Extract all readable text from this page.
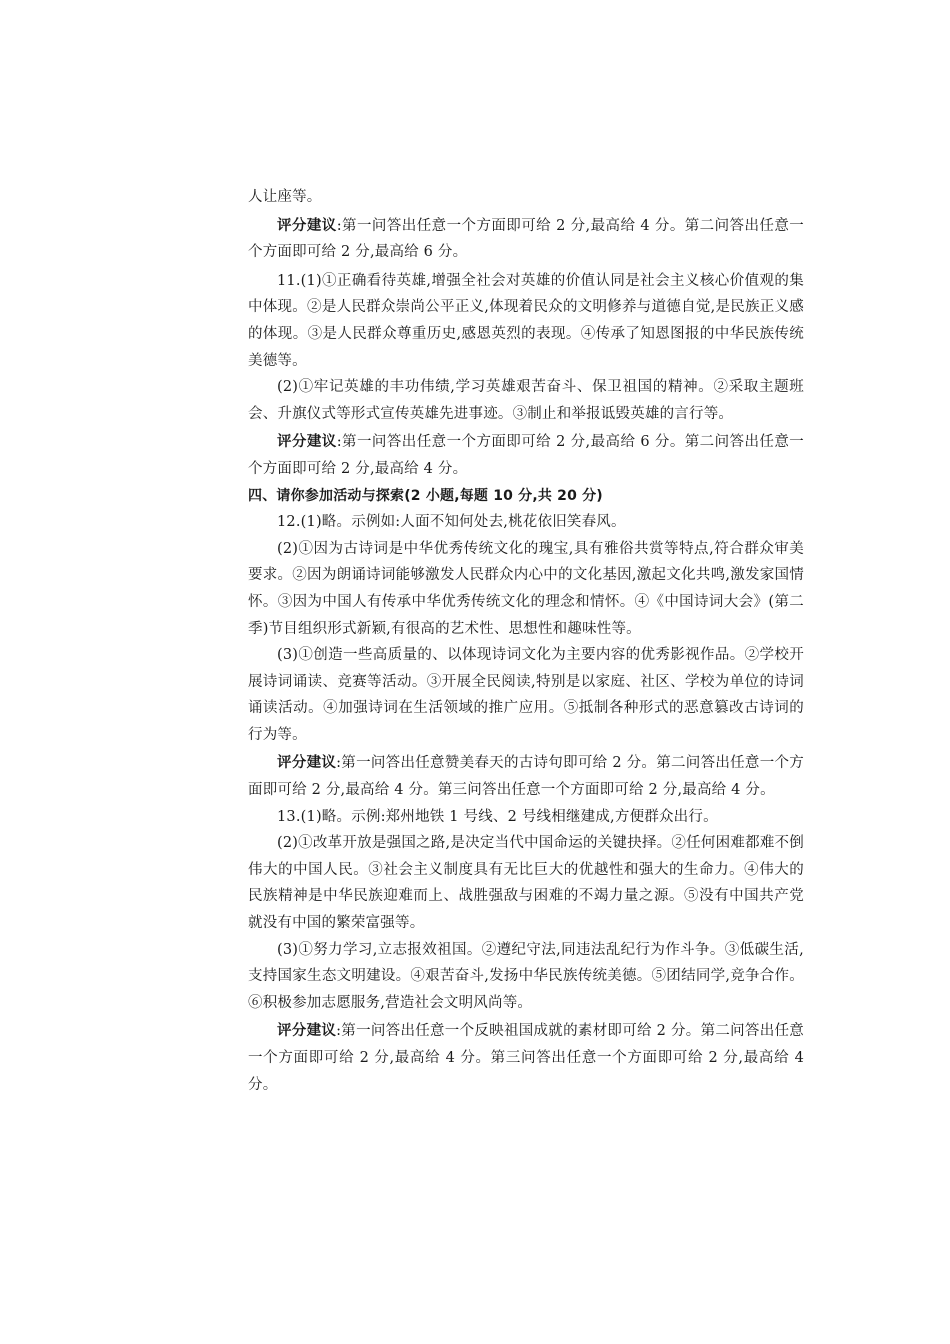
人让座等。

评分建议:第一问答出任意一个方面即可给 2 分,最高给 4 分。第二问答出任意一个方面即可给 2 分,最高给 6 分。

11.(1)①正确看待英雄,增强全社会对英雄的价值认同是社会主义核心价值观的集中体现。②是人民群众崇尚公平正义,体现着民众的文明修养与道德自觉,是民族正义感的体现。③是人民群众尊重历史,感恩英烈的表现。④传承了知恩图报的中华民族传统美德等。

(2)①牢记英雄的丰功伟绩,学习英雄艰苦奋斗、保卫祖国的精神。②采取主题班会、升旗仪式等形式宣传英雄先进事迹。③制止和举报诋毁英雄的言行等。

评分建议:第一问答出任意一个方面即可给 2 分,最高给 6 分。第二问答出任意一个方面即可给 2 分,最高给 4 分。

四、请你参加活动与探索(2 小题,每题 10 分,共 20 分)

12.(1)略。示例如:人面不知何处去,桃花依旧笑春风。

(2)①因为古诗词是中华优秀传统文化的瑰宝,具有雅俗共赏等特点,符合群众审美要求。②因为朗诵诗词能够激发人民群众内心中的文化基因,激起文化共鸣,激发家国情怀。③因为中国人有传承中华优秀传统文化的理念和情怀。④《中国诗词大会》(第二季)节目组织形式新颖,有很高的艺术性、思想性和趣味性等。

(3)①创造一些高质量的、以体现诗词文化为主要内容的优秀影视作品。②学校开展诗词诵读、竞赛等活动。③开展全民阅读,特别是以家庭、社区、学校为单位的诗词诵读活动。④加强诗词在生活领域的推广应用。⑤抵制各种形式的恶意篡改古诗词的行为等。

评分建议:第一问答出任意赞美春天的古诗句即可给 2 分。第二问答出任意一个方面即可给 2 分,最高给 4 分。第三问答出任意一个方面即可给 2 分,最高给 4 分。

13.(1)略。示例:郑州地铁 1 号线、2 号线相继建成,方便群众出行。

(2)①改革开放是强国之路,是决定当代中国命运的关键抉择。②任何困难都难不倒伟大的中国人民。③社会主义制度具有无比巨大的优越性和强大的生命力。④伟大的民族精神是中华民族迎难而上、战胜强敌与困难的不竭力量之源。⑤没有中国共产党就没有中国的繁荣富强等。

(3)①努力学习,立志报效祖国。②遵纪守法,同违法乱纪行为作斗争。③低碳生活,支持国家生态文明建设。④艰苦奋斗,发扬中华民族传统美德。⑤团结同学,竞争合作。⑥积极参加志愿服务,营造社会文明风尚等。

评分建议:第一问答出任意一个反映祖国成就的素材即可给 2 分。第二问答出任意一个方面即可给 2 分,最高给 4 分。第三问答出任意一个方面即可给 2 分,最高给 4 分。
